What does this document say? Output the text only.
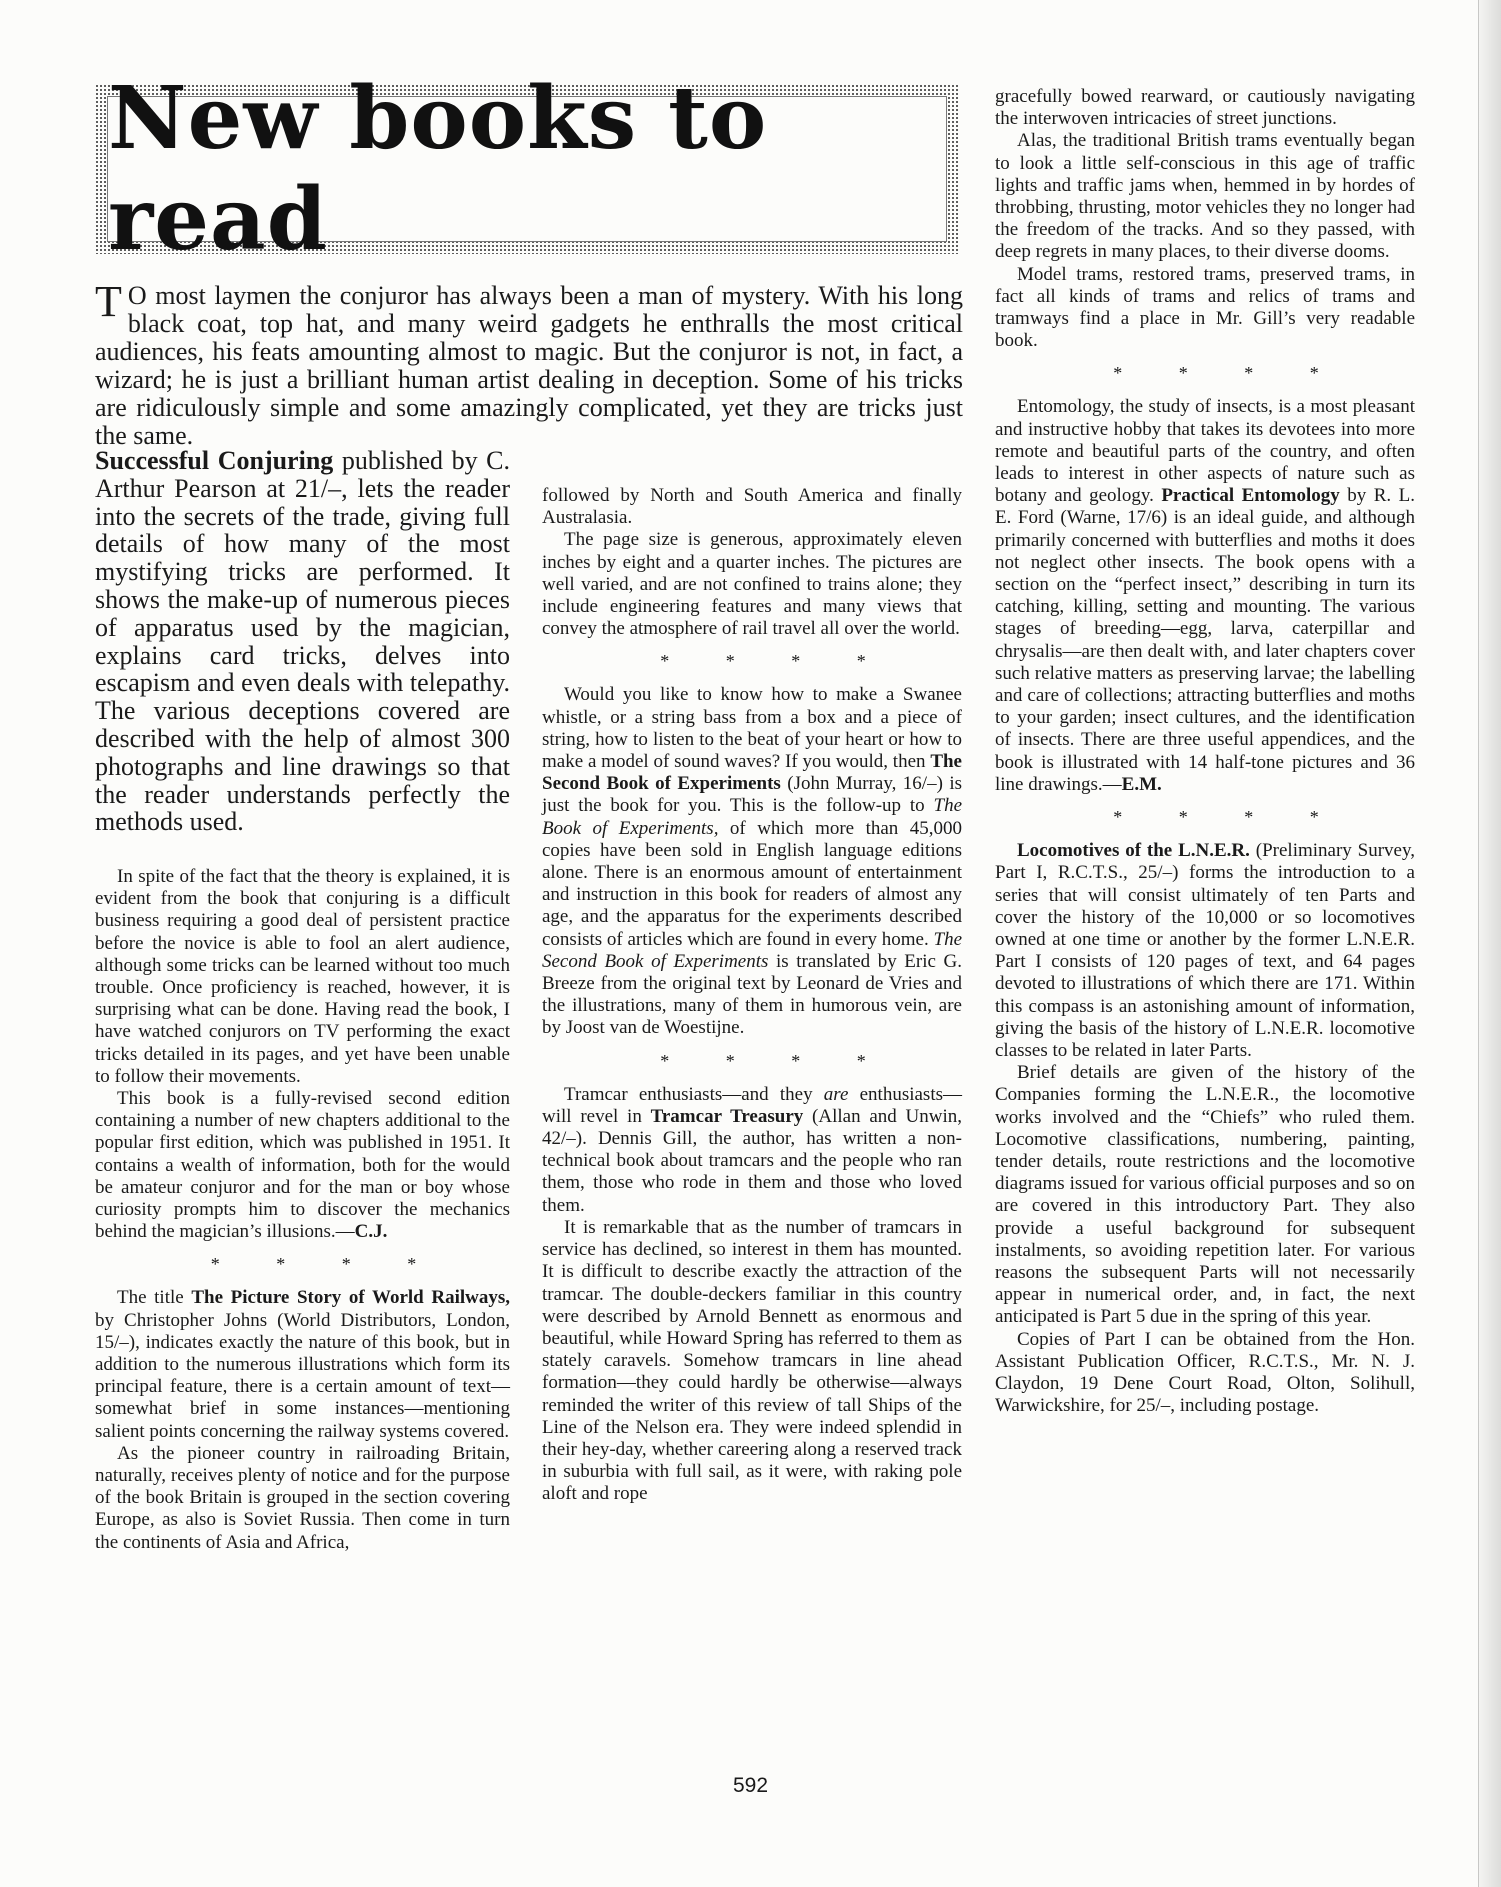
New books to read
T O most laymen the conjuror has always been a man of mystery. With his long black coat, top hat, and many weird gadgets he enthralls the most critical audiences, his feats amounting almost to magic. But the conjuror is not, in fact, a wizard; he is just a brilliant human artist dealing in deception. Some of his tricks are ridiculously simple and some amazingly complicated, yet they are tricks just the same.

Successful Conjuring published by C. Arthur Pearson at 21/–, lets the reader into the secrets of the trade, giving full details of how many of the most mystifying tricks are performed. It shows the make-up of numerous pieces of apparatus used by the magician, explains card tricks, delves into escapism and even deals with telepathy. The various deceptions covered are described with the help of almost 300 photographs and line drawings so that the reader understands perfectly the methods used.

In spite of the fact that the theory is explained, it is evident from the book that conjuring is a difficult business requiring a good deal of persistent practice before the novice is able to fool an alert audience, although some tricks can be learned without too much trouble. Once proficiency is reached, however, it is surprising what can be done. Having read the book, I have watched conjurors on TV performing the exact tricks detailed in its pages, and yet have been unable to follow their movements.

This book is a fully-revised second edition containing a number of new chapters additional to the popular first edition, which was published in 1951. It contains a wealth of information, both for the would be amateur conjuror and for the man or boy whose curiosity prompts him to discover the mechanics behind the magician’s illusions.—C.J.

* * * *

The title The Picture Story of World Railways, by Christopher Johns (World Distributors, London, 15/–), indicates exactly the nature of this book, but in addition to the numerous illustrations which form its principal feature, there is a certain amount of text—somewhat brief in some instances—mentioning salient points concerning the railway systems covered.

As the pioneer country in railroading Britain, naturally, receives plenty of notice and for the purpose of the book Britain is grouped in the section covering Europe, as also is Soviet Russia. Then come in turn the continents of Asia and Africa,

followed by North and South America and finally Australasia.

The page size is generous, approximately eleven inches by eight and a quarter inches. The pictures are well varied, and are not confined to trains alone; they include engineering features and many views that convey the atmosphere of rail travel all over the world.

* * * *

Would you like to know how to make a Swanee whistle, or a string bass from a box and a piece of string, how to listen to the beat of your heart or how to make a model of sound waves? If you would, then The Second Book of Experiments (John Murray, 16/–) is just the book for you. This is the follow-up to The Book of Experiments, of which more than 45,000 copies have been sold in English language editions alone. There is an enormous amount of entertainment and instruction in this book for readers of almost any age, and the apparatus for the experiments described consists of articles which are found in every home. The Second Book of Experiments is translated by Eric G. Breeze from the original text by Leonard de Vries and the illustrations, many of them in humorous vein, are by Joost van de Woestijne.

* * * *

Tramcar enthusiasts—and they are enthusiasts—will revel in Tramcar Treasury (Allan and Unwin, 42/–). Dennis Gill, the author, has written a non-technical book about tramcars and the people who ran them, those who rode in them and those who loved them.

It is remarkable that as the number of tramcars in service has declined, so interest in them has mounted. It is difficult to describe exactly the attraction of the tramcar. The double-deckers familiar in this country were described by Arnold Bennett as enormous and beautiful, while Howard Spring has referred to them as stately caravels. Somehow tramcars in line ahead formation—they could hardly be otherwise—always reminded the writer of this review of tall Ships of the Line of the Nelson era. They were indeed splendid in their hey-day, whether careering along a reserved track in suburbia with full sail, as it were, with raking pole aloft and rope

gracefully bowed rearward, or cautiously navigating the interwoven intricacies of street junctions.

Alas, the traditional British trams eventually began to look a little self-conscious in this age of traffic lights and traffic jams when, hemmed in by hordes of throbbing, thrusting, motor vehicles they no longer had the freedom of the tracks. And so they passed, with deep regrets in many places, to their diverse dooms.

Model trams, restored trams, preserved trams, in fact all kinds of trams and relics of trams and tramways find a place in Mr. Gill’s very readable book.

* * * *

Entomology, the study of insects, is a most pleasant and instructive hobby that takes its devotees into more remote and beautiful parts of the country, and often leads to interest in other aspects of nature such as botany and geology. Practical Entomology by R. L. E. Ford (Warne, 17/6) is an ideal guide, and although primarily concerned with butterflies and moths it does not neglect other insects. The book opens with a section on the “perfect insect,” describing in turn its catching, killing, setting and mounting. The various stages of breeding—egg, larva, caterpillar and chrysalis—are then dealt with, and later chapters cover such relative matters as preserving larvae; the labelling and care of collections; attracting butterflies and moths to your garden; insect cultures, and the identification of insects. There are three useful appendices, and the book is illustrated with 14 half-tone pictures and 36 line drawings.—E.M.

* * * *

Locomotives of the L.N.E.R. (Preliminary Survey, Part I, R.C.T.S., 25/–) forms the introduction to a series that will consist ultimately of ten Parts and cover the history of the 10,000 or so locomotives owned at one time or another by the former L.N.E.R. Part I consists of 120 pages of text, and 64 pages devoted to illustrations of which there are 171. Within this compass is an astonishing amount of information, giving the basis of the history of L.N.E.R. locomotive classes to be related in later Parts.

Brief details are given of the history of the Companies forming the L.N.E.R., the locomotive works involved and the “Chiefs” who ruled them. Locomotive classifications, numbering, painting, tender details, route restrictions and the locomotive diagrams issued for various official purposes and so on are covered in this introductory Part. They also provide a useful background for subsequent instalments, so avoiding repetition later. For various reasons the subsequent Parts will not necessarily appear in numerical order, and, in fact, the next anticipated is Part 5 due in the spring of this year.

Copies of Part I can be obtained from the Hon. Assistant Publication Officer, R.C.T.S., Mr. N. J. Claydon, 19 Dene Court Road, Olton, Solihull, Warwickshire, for 25/–, including postage.

592
